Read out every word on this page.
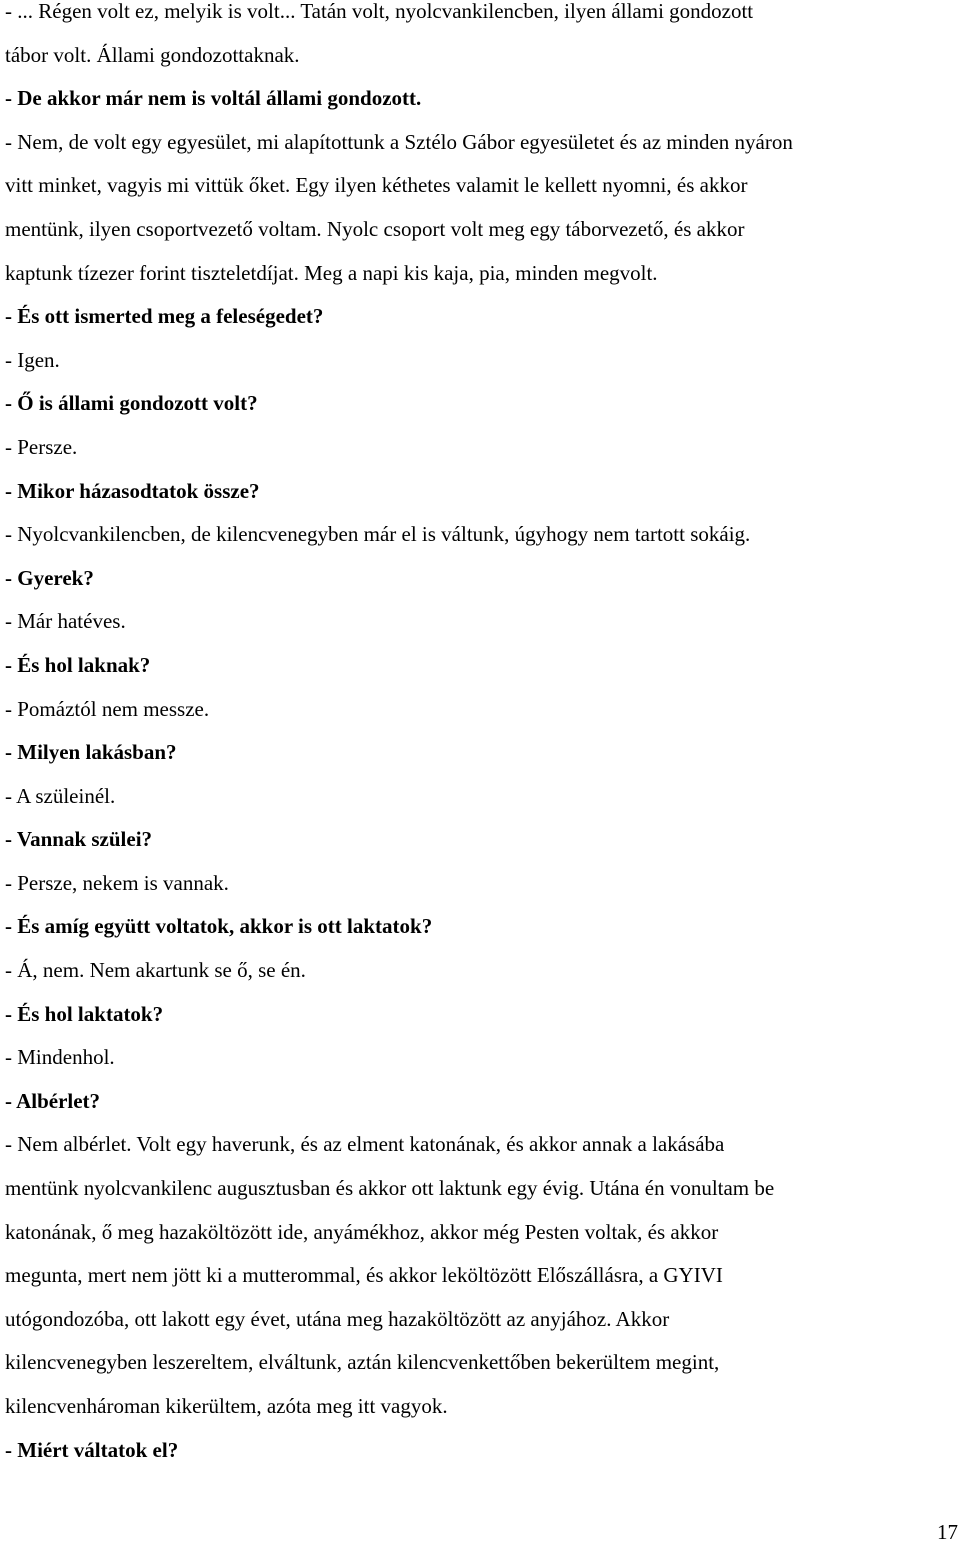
- ... Régen volt ez, melyik is volt... Tatán volt, nyolcvankilencben, ilyen állami gondozott
tábor volt. Állami gondozottaknak.
- De akkor már nem is voltál állami gondozott.
- Nem, de volt egy egyesület, mi alapítottunk a Sztélo Gábor egyesületet és az minden nyáron
vitt minket, vagyis mi vittük őket. Egy ilyen kéthetes valamit le kellett nyomni, és akkor
mentünk, ilyen csoportvezető voltam. Nyolc csoport volt meg egy táborvezető, és akkor
kaptunk tízezer forint tiszteletdíjat. Meg a napi kis kaja, pia, minden megvolt.
- És ott ismerted meg a feleségedet?
- Igen.
- Ő is állami gondozott volt?
- Persze.
- Mikor házasodtatok össze?
- Nyolcvankilencben, de kilencvenegyben már el is váltunk, úgyhogy nem tartott sokáig.
- Gyerek?
- Már hatéves.
- És hol laknak?
- Pomáztól nem messze.
- Milyen lakásban?
- A szüleinél.
- Vannak szülei?
- Persze, nekem is vannak.
- És amíg együtt voltatok, akkor is ott laktatok?
- Á, nem. Nem akartunk se ő, se én.
- És hol laktatok?
- Mindenhol.
- Albérlet?
- Nem albérlet. Volt egy haverunk, és az elment katonának, és akkor annak a lakásába
mentünk nyolcvankilenc augusztusban és akkor ott laktunk egy évig. Utána én vonultam be
katonának, ő meg hazaköltözött ide, anyámékhoz, akkor még Pesten voltak, és akkor
megunta, mert nem jött ki a mutterommal, és akkor leköltözött Előszállásra, a GYIVI
utógondozóba, ott lakott egy évet, utána meg hazaköltözött az anyjához. Akkor
kilencvenegyben leszereltem, elváltunk, aztán kilencvenkettőben bekerültem megint,
kilencvenhároman kikerültem, azóta meg itt vagyok.
- Miért váltatok el?
17
